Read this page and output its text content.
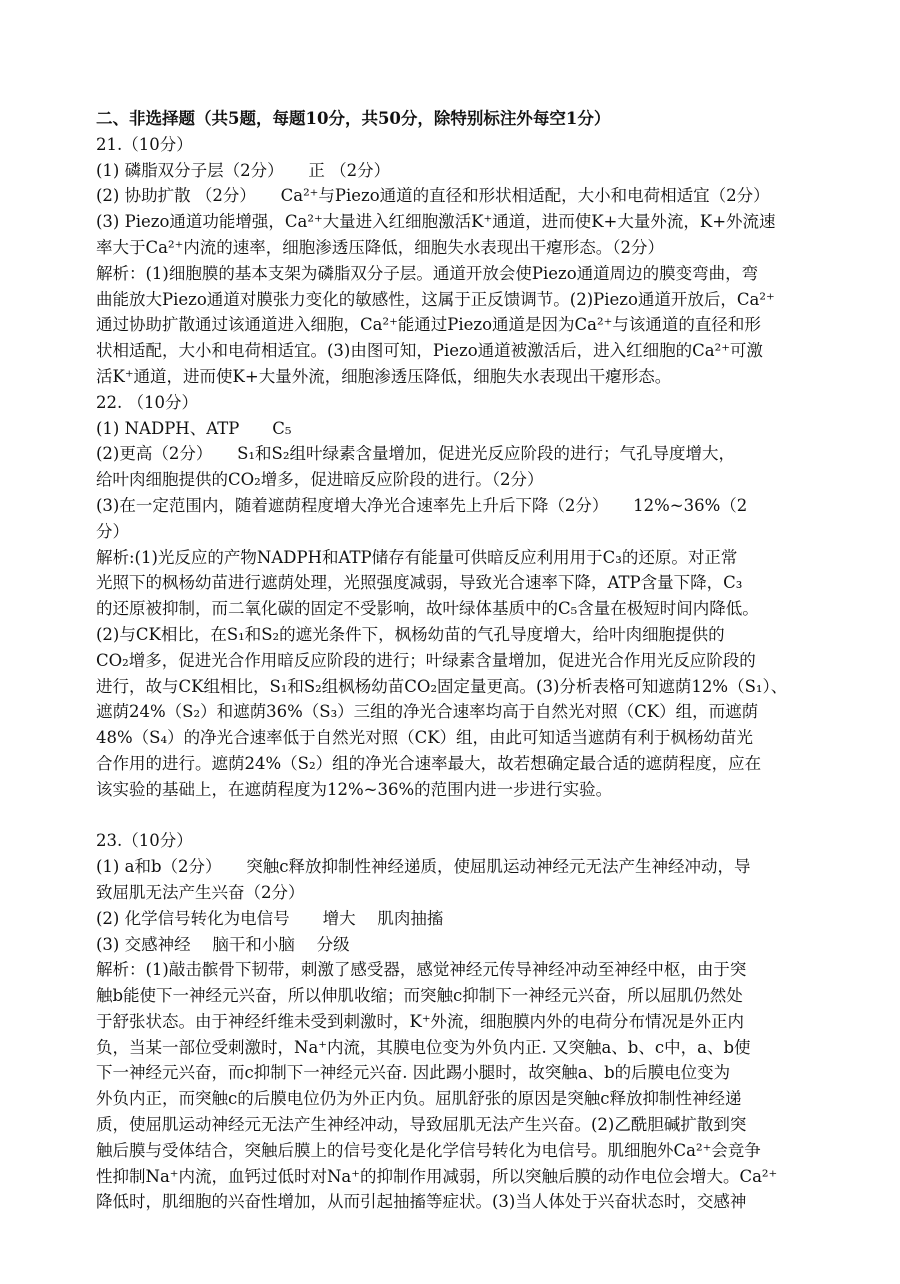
二、非选择题（共5题，每题10分，共50分，除特别标注外每空1分）
21.（10分）
(1) 磷脂双分子层（2分）　　正 （2分）
(2) 协助扩散 （2分）　　Ca²⁺与Piezo通道的直径和形状相适配，大小和电荷相适宜（2分）
(3) Piezo通道功能增强，Ca²⁺大量进入红细胞激活K⁺通道，进而使K+大量外流，K+外流速
率大于Ca²⁺内流的速率，细胞渗透压降低，细胞失水表现出干瘪形态。（2分）
解析：(1)细胞膜的基本支架为磷脂双分子层。通道开放会使Piezo通道周边的膜变弯曲，弯
曲能放大Piezo通道对膜张力变化的敏感性，这属于正反馈调节。(2)Piezo通道开放后，Ca²⁺
通过协助扩散通过该通道进入细胞，Ca²⁺能通过Piezo通道是因为Ca²⁺与该通道的直径和形
状相适配，大小和电荷相适宜。(3)由图可知，Piezo通道被激活后，进入红细胞的Ca²⁺可激
活K⁺通道，进而使K+大量外流，细胞渗透压降低，细胞失水表现出干瘪形态。
22. （10分）
(1) NADPH、ATP　　C₅
(2)更高（2分）　　S₁和S₂组叶绿素含量增加，促进光反应阶段的进行；气孔导度增大，
给叶肉细胞提供的CO₂增多，促进暗反应阶段的进行。（2分）
(3)在一定范围内，随着遮荫程度增大净光合速率先上升后下降（2分）　　12%~36%（2
分）
解析:(1)光反应的产物NADPH和ATP储存有能量可供暗反应利用用于C₃的还原。对正常
光照下的枫杨幼苗进行遮荫处理，光照强度减弱，导致光合速率下降，ATP含量下降，C₃
的还原被抑制，而二氧化碳的固定不受影响，故叶绿体基质中的C₅含量在极短时间内降低。
(2)与CK相比，在S₁和S₂的遮光条件下，枫杨幼苗的气孔导度增大，给叶肉细胞提供的
CO₂增多，促进光合作用暗反应阶段的进行；叶绿素含量增加，促进光合作用光反应阶段的
进行，故与CK组相比，S₁和S₂组枫杨幼苗CO₂固定量更高。(3)分析表格可知遮荫12%（S₁）、
遮荫24%（S₂）和遮荫36%（S₃）三组的净光合速率均高于自然光对照（CK）组，而遮荫
48%（S₄）的净光合速率低于自然光对照（CK）组，由此可知适当遮荫有利于枫杨幼苗光
合作用的进行。遮荫24%（S₂）组的净光合速率最大，故若想确定最合适的遮荫程度，应在
该实验的基础上，在遮荫程度为12%~36%的范围内进一步进行实验。
23.（10分）
(1) a和b（2分）　　突触c释放抑制性神经递质，使屈肌运动神经元无法产生神经冲动，导
致屈肌无法产生兴奋（2分）
(2) 化学信号转化为电信号　　增大　 肌肉抽搐
(3) 交感神经　 脑干和小脑　 分级
解析：(1)敲击髌骨下韧带，刺激了感受器，感觉神经元传导神经冲动至神经中枢，由于突
触b能使下一神经元兴奋，所以伸肌收缩；而突触c抑制下一神经元兴奋，所以屈肌仍然处
于舒张状态。由于神经纤维未受到刺激时，K⁺外流，细胞膜内外的电荷分布情况是外正内
负，当某一部位受刺激时，Na⁺内流，其膜电位变为外负内正. 又突触a、b、c中，a、b使
下一神经元兴奋，而c抑制下一神经元兴奋. 因此踢小腿时，故突触a、b的后膜电位变为
外负内正，而突触c的后膜电位仍为外正内负。屈肌舒张的原因是突触c释放抑制性神经递
质，使屈肌运动神经元无法产生神经冲动，导致屈肌无法产生兴奋。(2)乙酰胆碱扩散到突
触后膜与受体结合，突触后膜上的信号变化是化学信号转化为电信号。肌细胞外Ca²⁺会竞争
性抑制Na⁺内流，血钙过低时对Na⁺的抑制作用减弱，所以突触后膜的动作电位会增大。Ca²⁺
降低时，肌细胞的兴奋性增加，从而引起抽搐等症状。(3)当人体处于兴奋状态时，交感神
